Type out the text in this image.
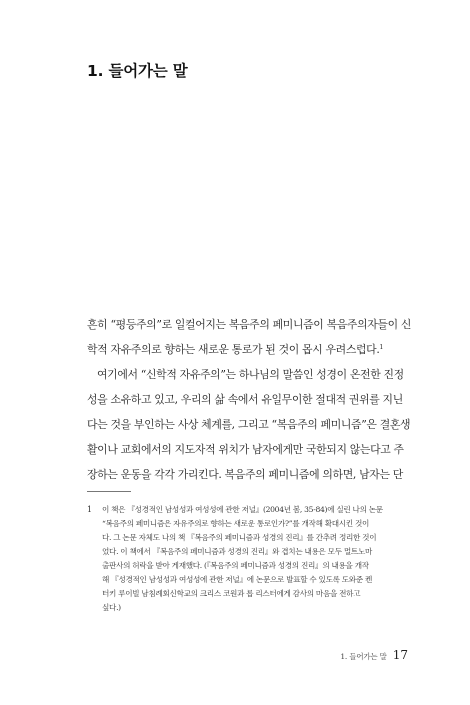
1. 들어가는 말
흔히 “평등주의”로 일컬어지는 복음주의 페미니즘이 복음주의자들이 신
학적 자유주의로 향하는 새로운 통로가 된 것이 몹시 우려스럽다.$^1$
여기에서 “신학적 자유주의”는 하나님의 말씀인 성경이 온전한 진정
성을 소유하고 있고, 우리의 삶 속에서 유일무이한 절대적 권위를 지닌
다는 것을 부인하는 사상 체계를, 그리고 “복음주의 페미니즘”은 결혼생
활이나 교회에서의 지도자적 위치가 남자에게만 국한되지 않는다고 주
장하는 운동을 각각 가리킨다. 복음주의 페미니즘에 의하면, 남자는 단
1	이 책은 『성경적인 남성성과 여성성에 관한 저널』(2004년 봄, 35-84)에 실린 나의 논문
“복음주의 페미니즘은 자유주의로 향하는 새로운 통로인가?”를 개작해 확대시킨 것이
다. 그 논문 자체도 나의 책 『복음주의 페미니즘과 성경의 진리』를 간추려 정리한 것이
었다. 이 책에서 『복음주의 페미니즘과 성경의 진리』와 겹치는 내용은 모두 멀트노마
출판사의 허락을 받아 게재했다. (『복음주의 페미니즘과 성경의 진리』의 내용을 개작
해 『성경적인 남성성과 여성성에 관한 저널』에 논문으로 발표할 수 있도록 도와준 켄
터키 루이빌 남침례회신학교의 크리스 코원과 롭 리스터에게 감사의 마음을 전하고
싶다.)
1. 들어가는 말 17
